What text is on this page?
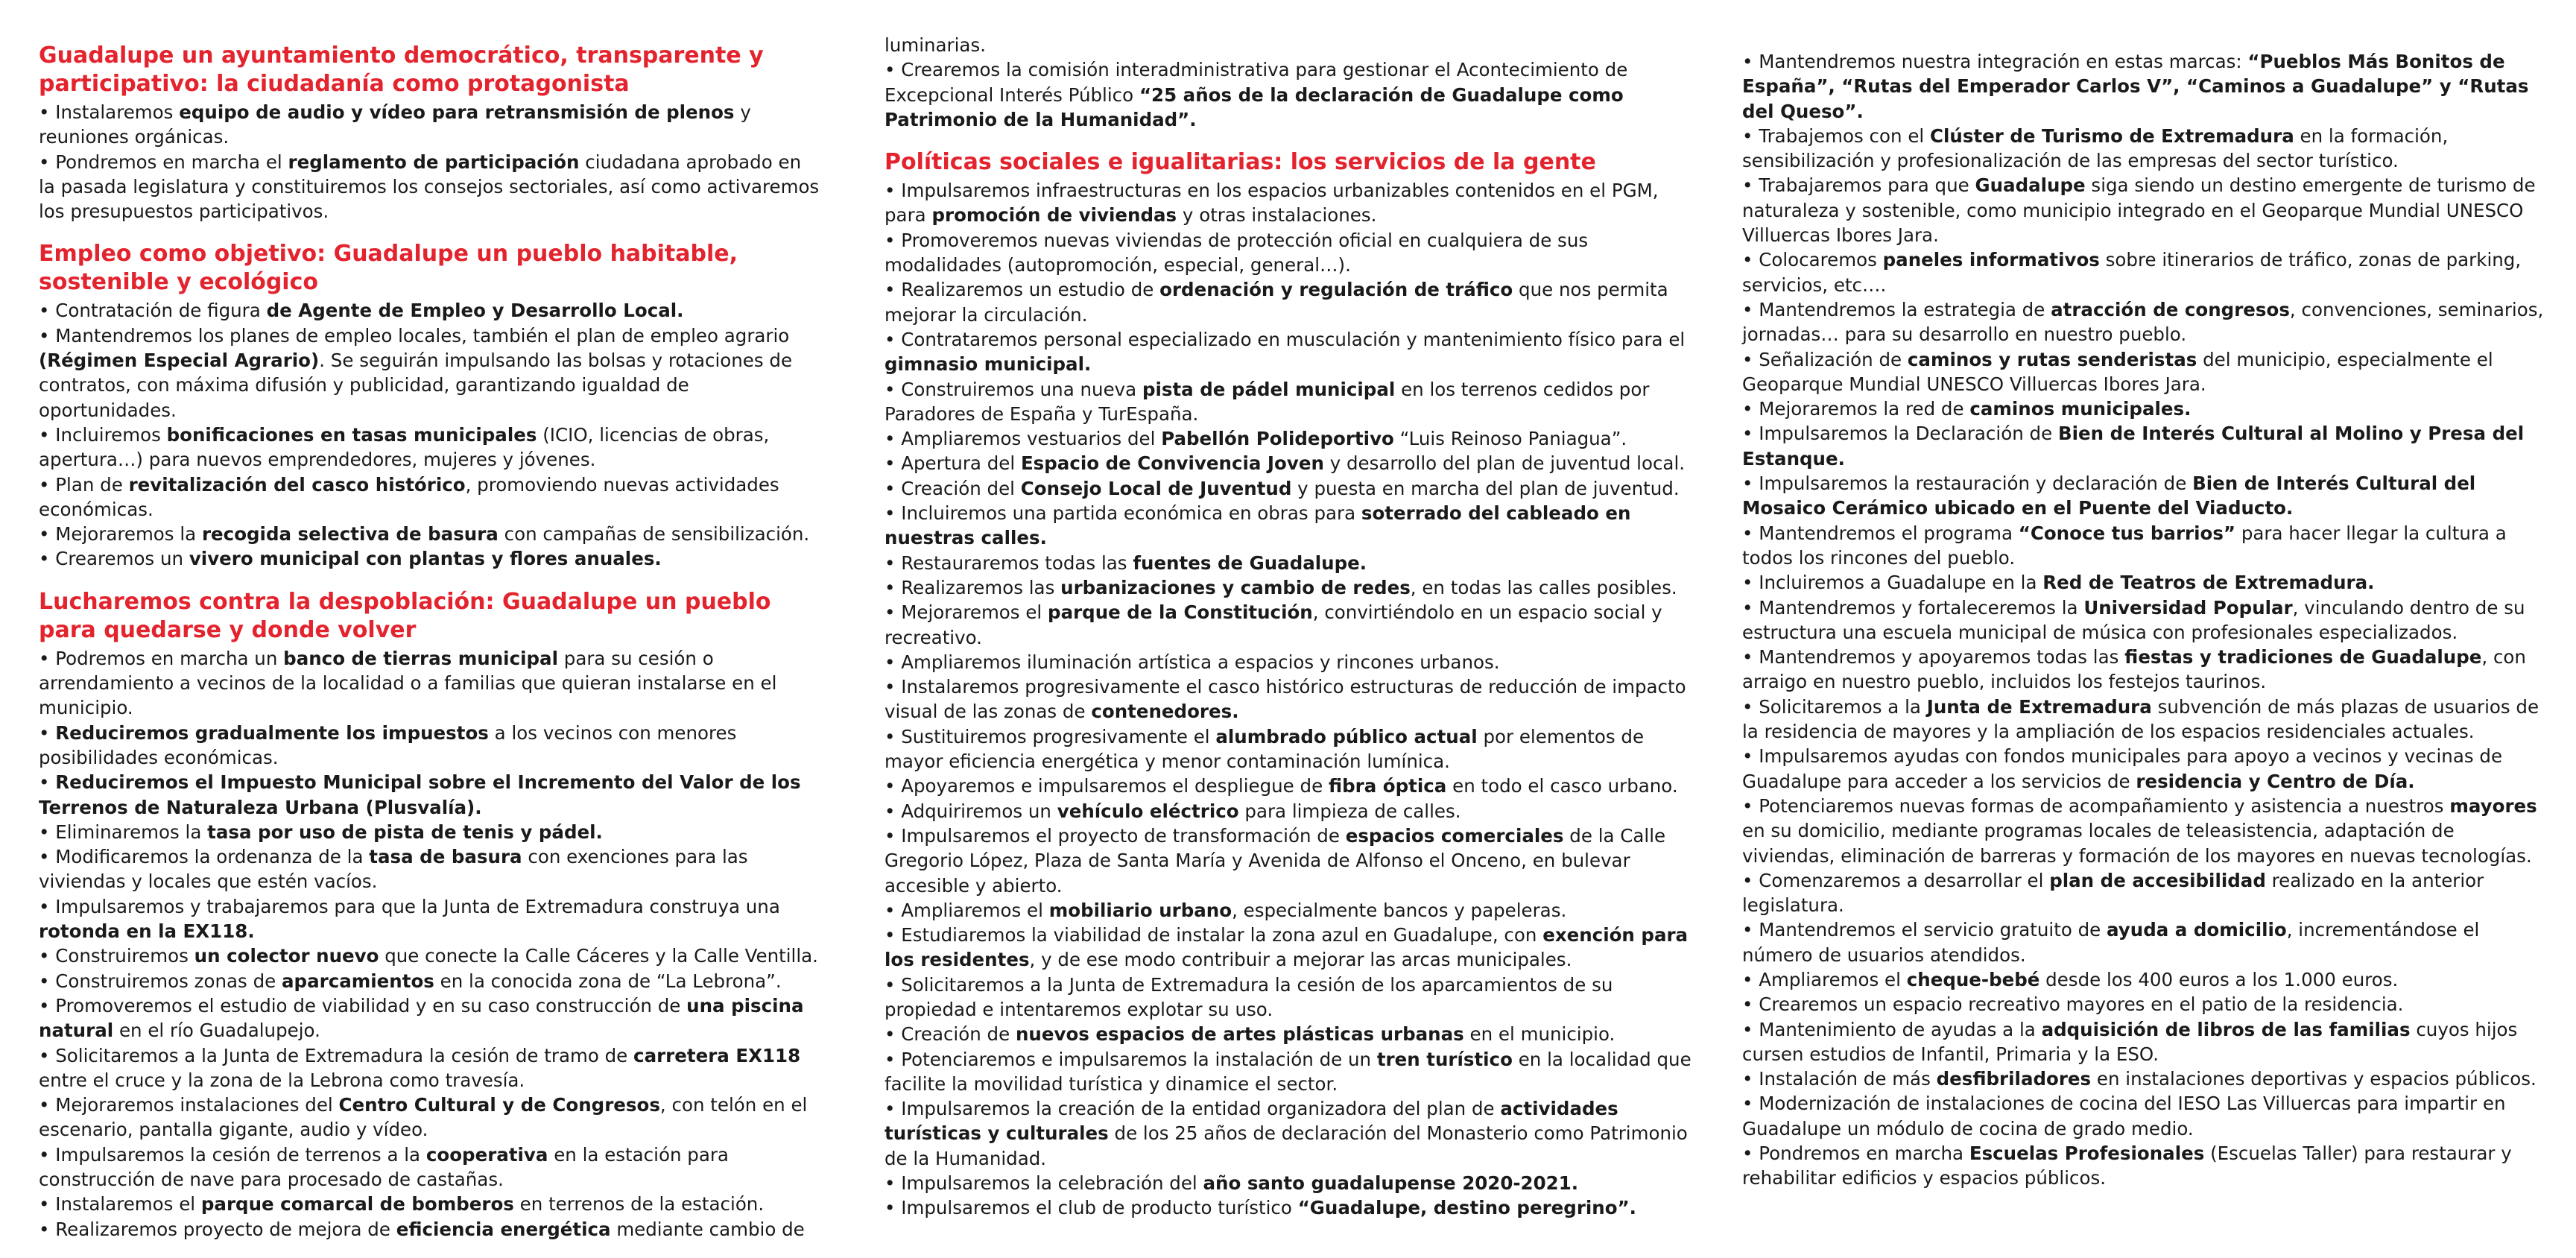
Guadalupe un ayuntamiento democrático, transparente y participativo: la ciudadanía como protagonista

• Instalaremos equipo de audio y vídeo para retransmisión de plenos y reuniones orgánicas.

• Pondremos en marcha el reglamento de participación ciudadana aprobado en la pasada legislatura y constituiremos los consejos sectoriales, así como activaremos los presupuestos participativos.

Empleo como objetivo: Guadalupe un pueblo habitable, sostenible y ecológico

• Contratación de figura de Agente de Empleo y Desarrollo Local.

• Mantendremos los planes de empleo locales, también el plan de empleo agrario (Régimen Especial Agrario). Se seguirán impulsando las bolsas y rotaciones de contratos, con máxima difusión y publicidad, garantizando igualdad de oportunidades.

• Incluiremos bonificaciones en tasas municipales (ICIO, licencias de obras, apertura…) para nuevos emprendedores, mujeres y jóvenes.

• Plan de revitalización del casco histórico, promoviendo nuevas actividades económicas.

• Mejoraremos la recogida selectiva de basura con campañas de sensibilización.

• Crearemos un vivero municipal con plantas y flores anuales.

Lucharemos contra la despoblación: Guadalupe un pueblo para quedarse y donde volver

• Podremos en marcha un banco de tierras municipal para su cesión o arrendamiento a vecinos de la localidad o a familias que quieran instalarse en el municipio.

• Reduciremos gradualmente los impuestos a los vecinos con menores posibilidades económicas.

• Reduciremos el Impuesto Municipal sobre el Incremento del Valor de los Terrenos de Naturaleza Urbana (Plusvalía).

• Eliminaremos la tasa por uso de pista de tenis y pádel.

• Modificaremos la ordenanza de la tasa de basura con exenciones para las viviendas y locales que estén vacíos.

• Impulsaremos y trabajaremos para que la Junta de Extremadura construya una rotonda en la EX118.

• Construiremos un colector nuevo que conecte la Calle Cáceres y la Calle Ventilla.

• Construiremos zonas de aparcamientos en la conocida zona de “La Lebrona”.

• Promoveremos el estudio de viabilidad y en su caso construcción de una piscina natural en el río Guadalupejo.

• Solicitaremos a la Junta de Extremadura la cesión de tramo de carretera EX118 entre el cruce y la zona de la Lebrona como travesía.

• Mejoraremos instalaciones del Centro Cultural y de Congresos, con telón en el escenario, pantalla gigante, audio y vídeo.

• Impulsaremos la cesión de terrenos a la cooperativa en la estación para construcción de nave para procesado de castañas.

• Instalaremos el parque comarcal de bomberos en terrenos de la estación.

• Realizaremos proyecto de mejora de eficiencia energética mediante cambio de

luminarias.

• Crearemos la comisión interadministrativa para gestionar el Acontecimiento de Excepcional Interés Público “25 años de la declaración de Guadalupe como Patrimonio de la Humanidad”.

Políticas sociales e igualitarias: los servicios de la gente

• Impulsaremos infraestructuras en los espacios urbanizables contenidos en el PGM, para promoción de viviendas y otras instalaciones.

• Promoveremos nuevas viviendas de protección oficial en cualquiera de sus modalidades (autopromoción, especial, general…).

• Realizaremos un estudio de ordenación y regulación de tráfico que nos permita mejorar la circulación.

• Contrataremos personal especializado en musculación y mantenimiento físico para el gimnasio municipal.

• Construiremos una nueva pista de pádel municipal en los terrenos cedidos por Paradores de España y TurEspaña.

• Ampliaremos vestuarios del Pabellón Polideportivo “Luis Reinoso Paniagua”.

• Apertura del Espacio de Convivencia Joven y desarrollo del plan de juventud local.

• Creación del Consejo Local de Juventud y puesta en marcha del plan de juventud.

• Incluiremos una partida económica en obras para soterrado del cableado en nuestras calles.

• Restauraremos todas las fuentes de Guadalupe.

• Realizaremos las urbanizaciones y cambio de redes, en todas las calles posibles.

• Mejoraremos el parque de la Constitución, convirtiéndolo en un espacio social y recreativo.

• Ampliaremos iluminación artística a espacios y rincones urbanos.

• Instalaremos progresivamente el casco histórico estructuras de reducción de impacto visual de las zonas de contenedores.

• Sustituiremos progresivamente el alumbrado público actual por elementos de mayor eficiencia energética y menor contaminación lumínica.

• Apoyaremos e impulsaremos el despliegue de fibra óptica en todo el casco urbano.

• Adquiriremos un vehículo eléctrico para limpieza de calles.

• Impulsaremos el proyecto de transformación de espacios comerciales de la Calle Gregorio López, Plaza de Santa María y Avenida de Alfonso el Onceno, en bulevar accesible y abierto.

• Ampliaremos el mobiliario urbano, especialmente bancos y papeleras.

• Estudiaremos la viabilidad de instalar la zona azul en Guadalupe, con exención para los residentes, y de ese modo contribuir a mejorar las arcas municipales.

• Solicitaremos a la Junta de Extremadura la cesión de los aparcamientos de su propiedad e intentaremos explotar su uso.

• Creación de nuevos espacios de artes plásticas urbanas en el municipio.

• Potenciaremos e impulsaremos la instalación de un tren turístico en la localidad que facilite la movilidad turística y dinamice el sector.

• Impulsaremos la creación de la entidad organizadora del plan de actividades turísticas y culturales de los 25 años de declaración del Monasterio como Patrimonio de la Humanidad.

• Impulsaremos la celebración del año santo guadalupense 2020-2021.

• Impulsaremos el club de producto turístico “Guadalupe, destino peregrino”.

• Mantendremos nuestra integración en estas marcas: “Pueblos Más Bonitos de España”, “Rutas del Emperador Carlos V”, “Caminos a Guadalupe” y “Rutas del Queso”.

• Trabajemos con el Clúster de Turismo de Extremadura en la formación, sensibilización y profesionalización de las empresas del sector turístico.

• Trabajaremos para que Guadalupe siga siendo un destino emergente de turismo de naturaleza y sostenible, como municipio integrado en el Geoparque Mundial UNESCO Villuercas Ibores Jara.

• Colocaremos paneles informativos sobre itinerarios de tráfico, zonas de parking, servicios, etc….

• Mantendremos la estrategia de atracción de congresos, convenciones, seminarios, jornadas… para su desarrollo en nuestro pueblo.

• Señalización de caminos y rutas senderistas del municipio, especialmente el Geoparque Mundial UNESCO Villuercas Ibores Jara.

• Mejoraremos la red de caminos municipales.

• Impulsaremos la Declaración de Bien de Interés Cultural al Molino y Presa del Estanque.

• Impulsaremos la restauración y declaración de Bien de Interés Cultural del Mosaico Cerámico ubicado en el Puente del Viaducto.

• Mantendremos el programa “Conoce tus barrios” para hacer llegar la cultura a todos los rincones del pueblo.

• Incluiremos a Guadalupe en la Red de Teatros de Extremadura.

• Mantendremos y fortaleceremos la Universidad Popular, vinculando dentro de su estructura una escuela municipal de música con profesionales especializados.

• Mantendremos y apoyaremos todas las fiestas y tradiciones de Guadalupe, con arraigo en nuestro pueblo, incluidos los festejos taurinos.

• Solicitaremos a la Junta de Extremadura subvención de más plazas de usuarios de la residencia de mayores y la ampliación de los espacios residenciales actuales.

• Impulsaremos ayudas con fondos municipales para apoyo a vecinos y vecinas de Guadalupe para acceder a los servicios de residencia y Centro de Día.

• Potenciaremos nuevas formas de acompañamiento y asistencia a nuestros mayores en su domicilio, mediante programas locales de teleasistencia, adaptación de viviendas, eliminación de barreras y formación de los mayores en nuevas tecnologías.

• Comenzaremos a desarrollar el plan de accesibilidad realizado en la anterior legislatura.

• Mantendremos el servicio gratuito de ayuda a domicilio, incrementándose el número de usuarios atendidos.

• Ampliaremos el cheque-bebé desde los 400 euros a los 1.000 euros.

• Crearemos un espacio recreativo mayores en el patio de la residencia.

• Mantenimiento de ayudas a la adquisición de libros de las familias cuyos hijos cursen estudios de Infantil, Primaria y la ESO.

• Instalación de más desfibriladores en instalaciones deportivas y espacios públicos.

• Modernización de instalaciones de cocina del IESO Las Villuercas para impartir en Guadalupe un módulo de cocina de grado medio.

• Pondremos en marcha Escuelas Profesionales (Escuelas Taller) para restaurar y rehabilitar edificios y espacios públicos.
